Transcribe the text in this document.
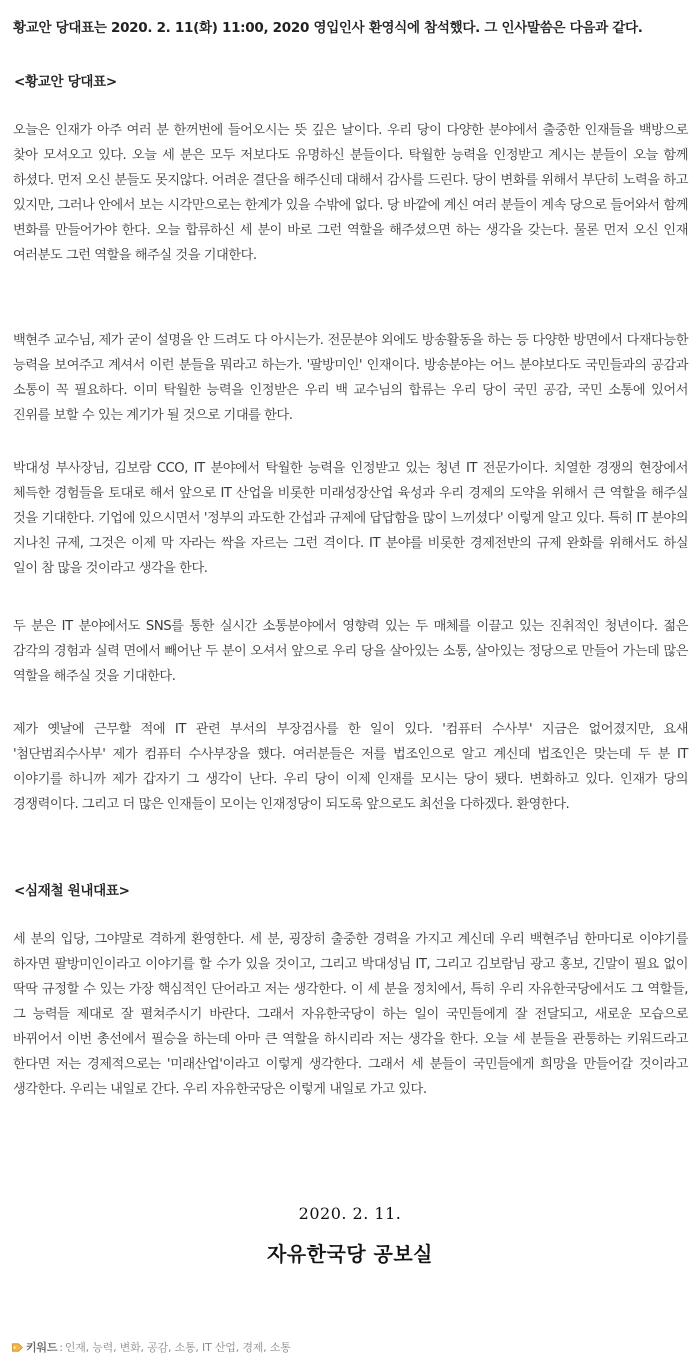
황교안 당대표는 2020. 2. 11(화) 11:00, 2020 영입인사 환영식에 참석했다. 그 인사말씀은 다음과 같다.
<황교안 당대표>
오늘은 인재가 아주 여러 분 한꺼번에 들어오시는 뜻 깊은 날이다. 우리 당이 다양한 분야에서 출중한 인재들을 백방으로 찾아 모셔오고 있다. 오늘 세 분은 모두 저보다도 유명하신 분들이다. 탁월한 능력을 인정받고 계시는 분들이 오늘 함께 하셨다. 먼저 오신 분들도 못지않다. 어려운 결단을 해주신데 대해서 감사를 드린다. 당이 변화를 위해서 부단히 노력을 하고 있지만, 그러나 안에서 보는 시각만으로는 한계가 있을 수밖에 없다. 당 바깥에 계신 여러 분들이 계속 당으로 들어와서 함께 변화를 만들어가야 한다. 오늘 합류하신 세 분이 바로 그런 역할을 해주셨으면 하는 생각을 갖는다. 물론 먼저 오신 인재 여러분도 그런 역할을 해주실 것을 기대한다.
백현주 교수님, 제가 굳이 설명을 안 드려도 다 아시는가. 전문분야 외에도 방송활동을 하는 등 다양한 방면에서 다재다능한 능력을 보여주고 계셔서 이런 분들을 뭐라고 하는가. '팔방미인' 인재이다. 방송분야는 어느 분야보다도 국민들과의 공감과 소통이 꼭 필요하다. 이미 탁월한 능력을 인정받은 우리 백 교수님의 합류는 우리 당이 국민 공감, 국민 소통에 있어서 진위를 보할 수 있는 계기가 될 것으로 기대를 한다.
박대성 부사장님, 김보람 CCO, IT 분야에서 탁월한 능력을 인정받고 있는 청년 IT 전문가이다. 치열한 경쟁의 현장에서 체득한 경험들을 토대로 해서 앞으로 IT 산업을 비롯한 미래성장산업 육성과 우리 경제의 도약을 위해서 큰 역할을 해주실 것을 기대한다. 기업에 있으시면서 '정부의 과도한 간섭과 규제에 답답함을 많이 느끼셨다' 이렇게 알고 있다. 특히 IT 분야의 지나친 규제, 그것은 이제 막 자라는 싹을 자르는 그런 격이다. IT 분야를 비롯한 경제전반의 규제 완화를 위해서도 하실 일이 참 많을 것이라고 생각을 한다.
두 분은 IT 분야에서도 SNS를 통한 실시간 소통분야에서 영향력 있는 두 매체를 이끌고 있는 진취적인 청년이다. 젊은 감각의 경험과 실력 면에서 빼어난 두 분이 오셔서 앞으로 우리 당을 살아있는 소통, 살아있는 정당으로 만들어 가는데 많은 역할을 해주실 것을 기대한다.
제가 옛날에 근무할 적에 IT 관련 부서의 부장검사를 한 일이 있다. '컴퓨터 수사부' 지금은 없어졌지만, 요새 '첨단범죄수사부' 제가 컴퓨터 수사부장을 했다. 여러분들은 저를 법조인으로 알고 계신데 법조인은 맞는데 두 분 IT 이야기를 하니까 제가 갑자기 그 생각이 난다. 우리 당이 이제 인재를 모시는 당이 됐다. 변화하고 있다. 인재가 당의 경쟁력이다. 그리고 더 많은 인재들이 모이는 인재정당이 되도록 앞으로도 최선을 다하겠다. 환영한다.
<심재철 원내대표>
세 분의 입당, 그야말로 격하게 환영한다. 세 분, 굉장히 출중한 경력을 가지고 계신데 우리 백현주님 한마디로 이야기를 하자면 팔방미인이라고 이야기를 할 수가 있을 것이고, 그리고 박대성님 IT, 그리고 김보람님 광고 홍보, 긴말이 필요 없이 딱딱 규정할 수 있는 가장 핵심적인 단어라고 저는 생각한다. 이 세 분을 정치에서, 특히 우리 자유한국당에서도 그 역할들, 그 능력들 제대로 잘 펼쳐주시기 바란다. 그래서 자유한국당이 하는 일이 국민들에게 잘 전달되고, 새로운 모습으로 바뀌어서 이번 총선에서 필승을 하는데 아마 큰 역할을 하시리라 저는 생각을 한다. 오늘 세 분들을 관통하는 키워드라고 한다면 저는 경제적으로는 '미래산업'이라고 이렇게 생각한다. 그래서 세 분들이 국민들에게 희망을 만들어갈 것이라고 생각한다. 우리는 내일로 간다. 우리 자유한국당은 이렇게 내일로 가고 있다.
2020. 2. 11.
자유한국당 공보실
키워드 : 인재, 능력, 변화, 공감, 소통, IT 산업, 경제, 소통
